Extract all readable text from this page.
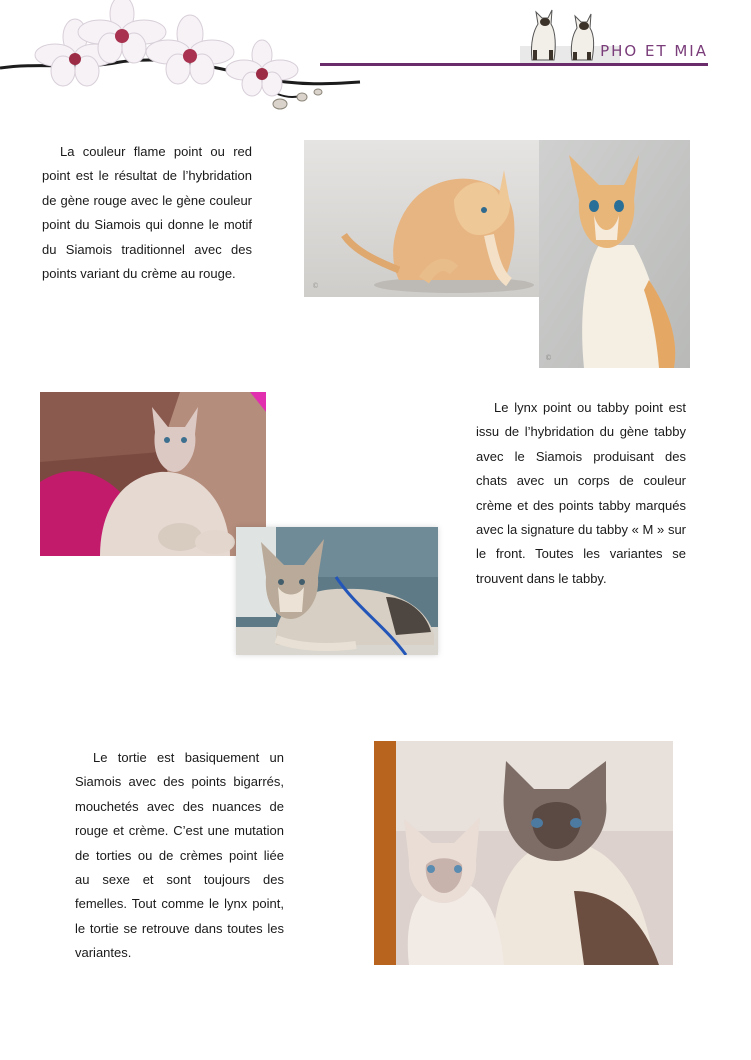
PHO ET MIA

La couleur flame point ou red point est le résultat de l’hybridation de gène rouge avec le gène couleur point du Siamois qui donne le motif du Siamois traditionnel avec des points variant du crème au rouge.

©
©

Le lynx point ou tabby point est issu de l’hybridation du gène tabby avec le Siamois produisant des chats avec un corps de couleur crème et des points tabby marqués avec la signature du tabby « M » sur le front. Toutes les variantes se trouvent dans le tabby.

Le tortie est basiquement un Siamois avec des points bigarrés, mouchetés avec des nuances de rouge et crème. C’est une mutation de torties ou de crèmes point liée au sexe et sont toujours des femelles. Tout comme le lynx point, le tortie se retrouve dans toutes les variantes.
